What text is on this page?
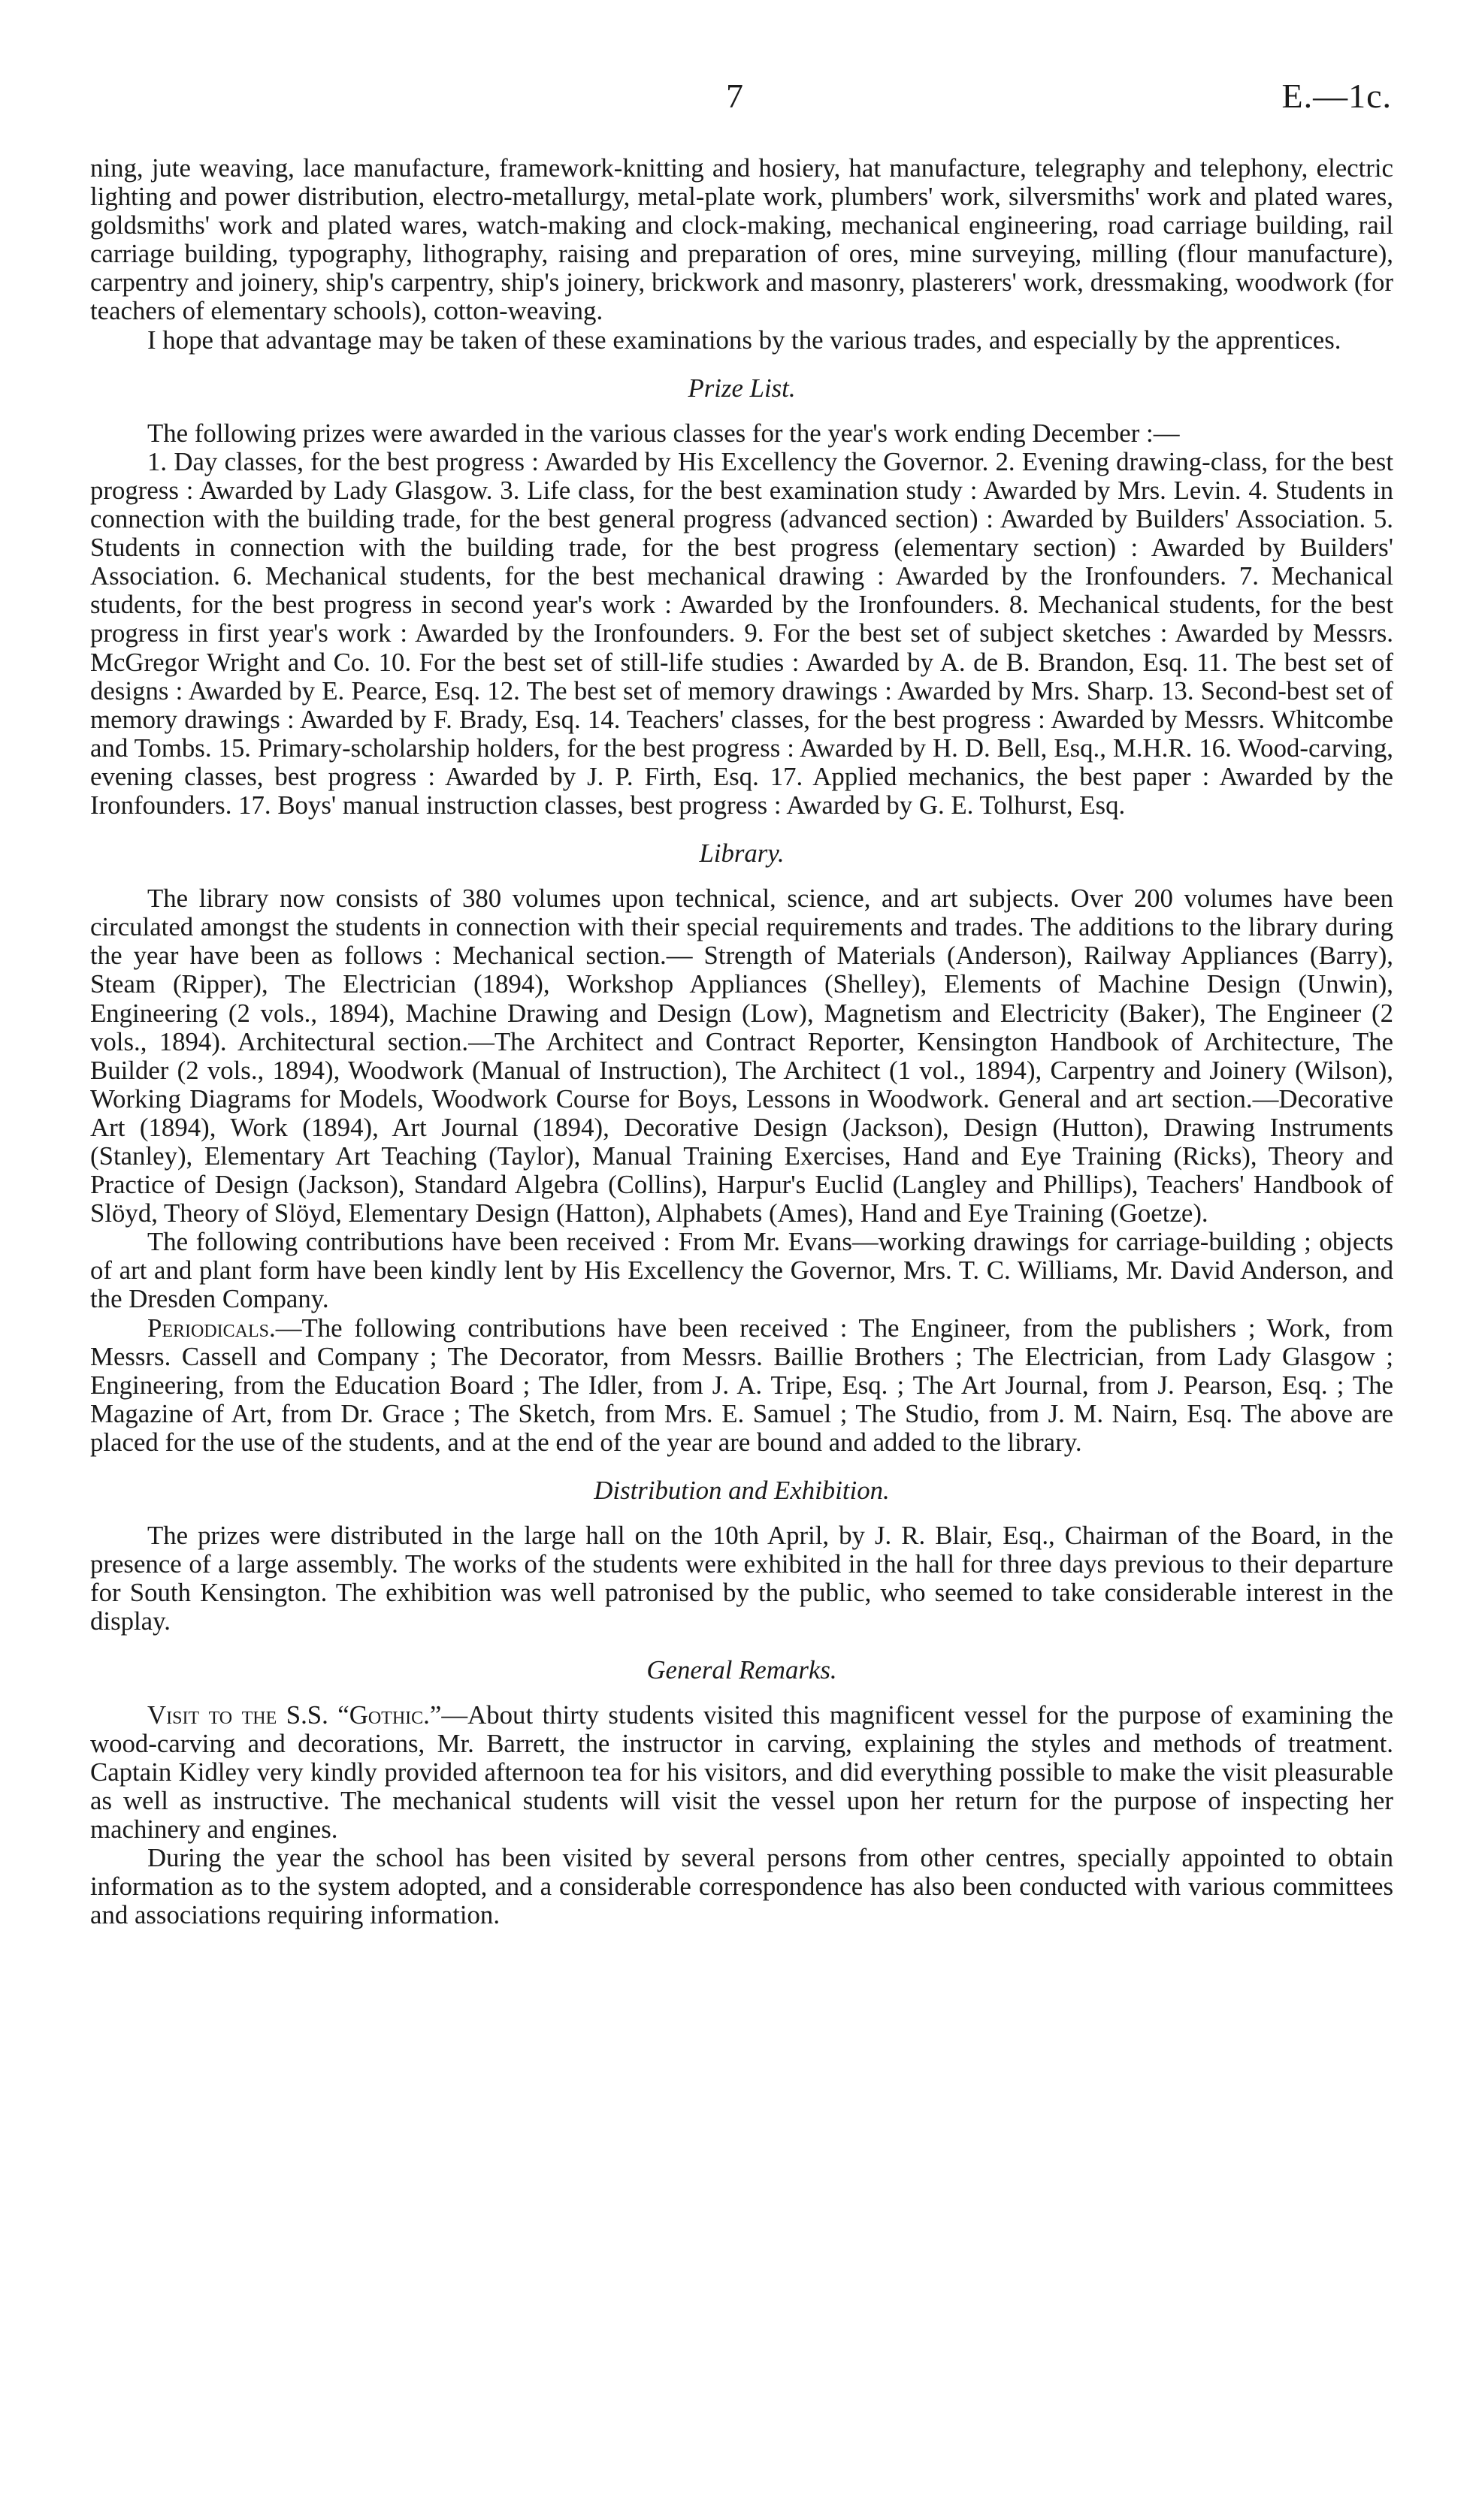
7	E.—1c.

ning, jute weaving, lace manufacture, framework-knitting and hosiery, hat manufacture, telegraphy and telephony, electric lighting and power distribution, electro-metallurgy, metal-plate work, plumbers' work, silversmiths' work and plated wares, goldsmiths' work and plated wares, watch-making and clock-making, mechanical engineering, road carriage building, rail carriage building, typography, lithography, raising and preparation of ores, mine surveying, milling (flour manufacture), carpentry and joinery, ship's carpentry, ship's joinery, brickwork and masonry, plasterers' work, dressmaking, woodwork (for teachers of elementary schools), cotton-weaving.

I hope that advantage may be taken of these examinations by the various trades, and especially by the apprentices.

Prize List.

The following prizes were awarded in the various classes for the year's work ending December :—

1. Day classes, for the best progress : Awarded by His Excellency the Governor. 2. Evening drawing-class, for the best progress : Awarded by Lady Glasgow. 3. Life class, for the best examination study : Awarded by Mrs. Levin. 4. Students in connection with the building trade, for the best general progress (advanced section) : Awarded by Builders' Association. 5. Students in connection with the building trade, for the best progress (elementary section) : Awarded by Builders' Association. 6. Mechanical students, for the best mechanical drawing : Awarded by the Ironfounders. 7. Mechanical students, for the best progress in second year's work : Awarded by the Ironfounders. 8. Mechanical students, for the best progress in first year's work : Awarded by the Ironfounders. 9. For the best set of subject sketches : Awarded by Messrs. McGregor Wright and Co. 10. For the best set of still-life studies : Awarded by A. de B. Brandon, Esq. 11. The best set of designs : Awarded by E. Pearce, Esq. 12. The best set of memory drawings : Awarded by Mrs. Sharp. 13. Second-best set of memory drawings : Awarded by F. Brady, Esq. 14. Teachers' classes, for the best progress : Awarded by Messrs. Whitcombe and Tombs. 15. Primary-scholarship holders, for the best progress : Awarded by H. D. Bell, Esq., M.H.R. 16. Wood-carving, evening classes, best progress : Awarded by J. P. Firth, Esq. 17. Applied mechanics, the best paper : Awarded by the Ironfounders. 17. Boys' manual instruction classes, best progress : Awarded by G. E. Tolhurst, Esq.

Library.

The library now consists of 380 volumes upon technical, science, and art subjects. Over 200 volumes have been circulated amongst the students in connection with their special requirements and trades. The additions to the library during the year have been as follows : Mechanical section.— Strength of Materials (Anderson), Railway Appliances (Barry), Steam (Ripper), The Electrician (1894), Workshop Appliances (Shelley), Elements of Machine Design (Unwin), Engineering (2 vols., 1894), Machine Drawing and Design (Low), Magnetism and Electricity (Baker), The Engineer (2 vols., 1894). Architectural section.—The Architect and Contract Reporter, Kensington Handbook of Architecture, The Builder (2 vols., 1894), Woodwork (Manual of Instruction), The Architect (1 vol., 1894), Carpentry and Joinery (Wilson), Working Diagrams for Models, Woodwork Course for Boys, Lessons in Woodwork. General and art section.—Decorative Art (1894), Work (1894), Art Journal (1894), Decorative Design (Jackson), Design (Hutton), Drawing Instruments (Stanley), Elementary Art Teaching (Taylor), Manual Training Exercises, Hand and Eye Training (Ricks), Theory and Practice of Design (Jackson), Standard Algebra (Collins), Harpur's Euclid (Langley and Phillips), Teachers' Handbook of Slöyd, Theory of Slöyd, Elementary Design (Hatton), Alphabets (Ames), Hand and Eye Training (Goetze).

The following contributions have been received : From Mr. Evans—working drawings for carriage-building ; objects of art and plant form have been kindly lent by His Excellency the Governor, Mrs. T. C. Williams, Mr. David Anderson, and the Dresden Company.

Periodicals.—The following contributions have been received : The Engineer, from the publishers ; Work, from Messrs. Cassell and Company ; The Decorator, from Messrs. Baillie Brothers ; The Electrician, from Lady Glasgow ; Engineering, from the Education Board ; The Idler, from J. A. Tripe, Esq. ; The Art Journal, from J. Pearson, Esq. ; The Magazine of Art, from Dr. Grace ; The Sketch, from Mrs. E. Samuel ; The Studio, from J. M. Nairn, Esq. The above are placed for the use of the students, and at the end of the year are bound and added to the library.

Distribution and Exhibition.

The prizes were distributed in the large hall on the 10th April, by J. R. Blair, Esq., Chairman of the Board, in the presence of a large assembly. The works of the students were exhibited in the hall for three days previous to their departure for South Kensington. The exhibition was well patronised by the public, who seemed to take considerable interest in the display.

General Remarks.

Visit to the S.S. “Gothic.”—About thirty students visited this magnificent vessel for the purpose of examining the wood-carving and decorations, Mr. Barrett, the instructor in carving, explaining the styles and methods of treatment. Captain Kidley very kindly provided afternoon tea for his visitors, and did everything possible to make the visit pleasurable as well as instructive. The mechanical students will visit the vessel upon her return for the purpose of inspecting her machinery and engines.

During the year the school has been visited by several persons from other centres, specially appointed to obtain information as to the system adopted, and a considerable correspondence has also been conducted with various committees and associations requiring information.
